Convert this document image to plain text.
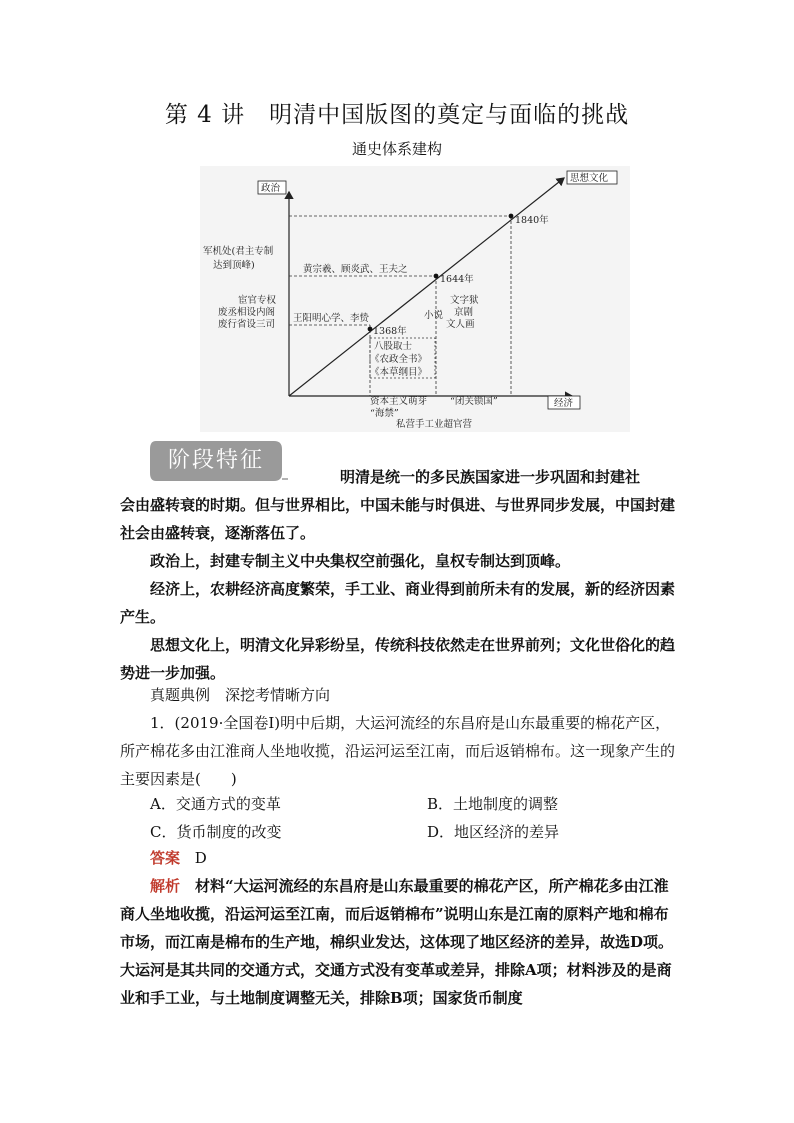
第 4 讲　明清中国版图的奠定与面临的挑战
通史体系建构
政治
思想文化
经济
1368年
1644年
1840年
军机处(君主专制
达到顶峰)
宦官专权
废丞相设内阁
废行省设三司
黄宗羲、顾炎武、王夫之
王阳明心学、李贽
八股取士
《农政全书》
《本草纲目》
小说
文字狱
京剧
文人画
资本主义萌芽 “闭关锁国”
“海禁”
私营手工业超官营
阶段特征
明清是统一的多民族国家进一步巩固和封建社
会由盛转衰的时期。但与世界相比，中国未能与时俱进、与世界同步发展，中国封建社会由盛转衰，逐渐落伍了。
政治上，封建专制主义中央集权空前强化，皇权专制达到顶峰。
经济上，农耕经济高度繁荣，手工业、商业得到前所未有的发展，新的经济因素产生。
思想文化上，明清文化异彩纷呈，传统科技依然走在世界前列；文化世俗化的趋势进一步加强。
真题典例　深挖考情晰方向
1．(2019·全国卷Ⅰ)明中后期，大运河流经的东昌府是山东最重要的棉花产区，所产棉花多由江淮商人坐地收揽，沿运河运至江南，而后返销棉布。这一现象产生的主要因素是(　　)
A．交通方式的变革	B．土地制度的调整
C．货币制度的改变	D．地区经济的差异
答案 D
解析　 材料“大运河流经的东昌府是山东最重要的棉花产区，所产棉花多由江淮商人坐地收揽，沿运河运至江南，而后返销棉布”说明山东是江南的原料产地和棉布市场，而江南是棉布的生产地，棉织业发达，这体现了地区经济的差异，故选D项。大运河是其共同的交通方式，交通方式没有变革或差异，排除A项；材料涉及的是商业和手工业，与土地制度调整无关，排除B项；国家货币制度
